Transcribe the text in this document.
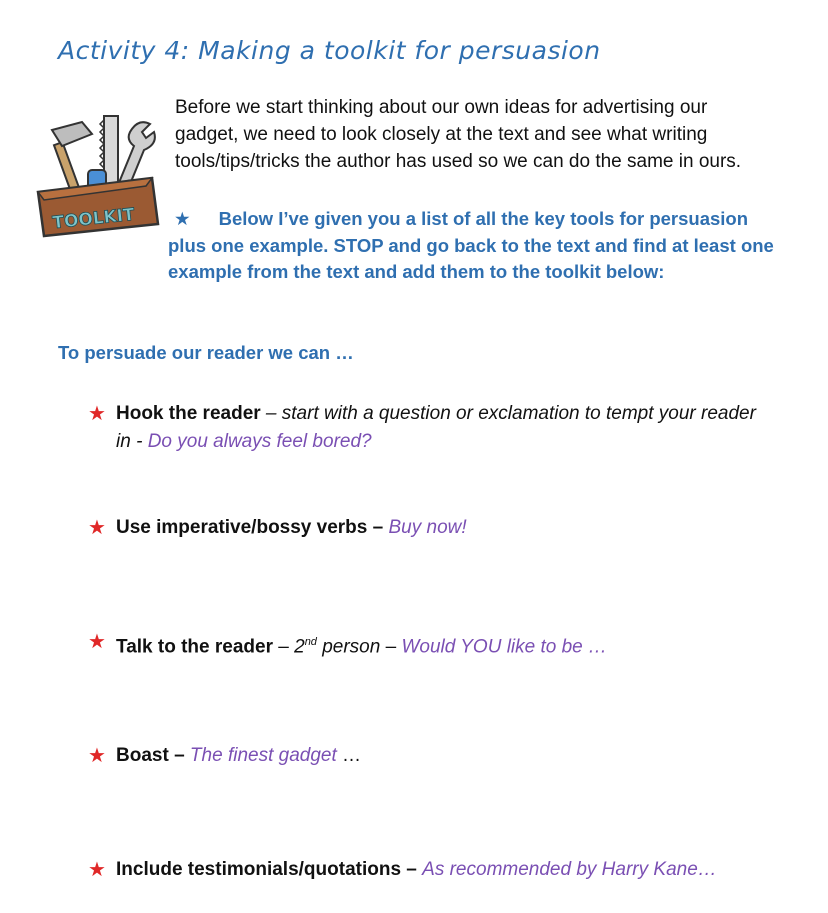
Activity 4: Making a toolkit for persuasion
TOOLKIT
Before we start thinking about our own ideas for advertising our gadget, we need to look closely at the text and see what writing tools/tips/tricks the author has used so we can do the same in ours.
★ Below I’ve given you a list of all the key tools for persuasion plus one example. STOP and go back to the text and find at least one example from the text and add them to the toolkit below:
To persuade our reader we can …
★ Hook the reader – start with a question or exclamation to tempt your reader in - Do you always feel bored?
★ Use imperative/bossy verbs – Buy now!
★ Talk to the reader – 2nd person – Would YOU like to be …
★ Boast – The finest gadget …
★ Include testimonials/quotations – As recommended by Harry Kane…
